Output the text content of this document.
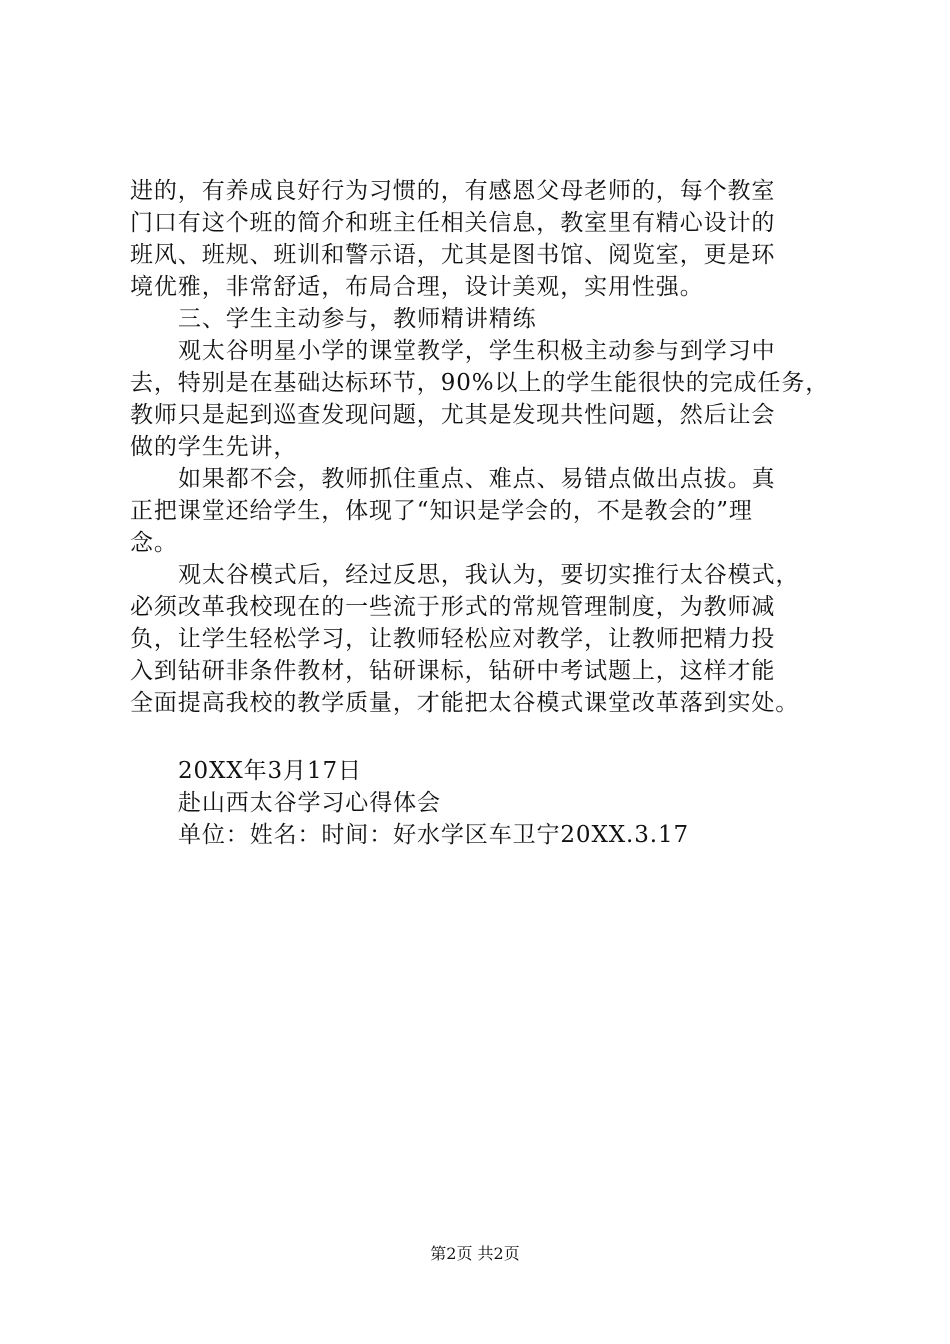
进的，有养成良好行为习惯的，有感恩父母老师的，每个教室
门口有这个班的简介和班主任相关信息，教室里有精心设计的
班风、班规、班训和警示语，尤其是图书馆、阅览室，更是环
境优雅，非常舒适，布局合理，设计美观，实用性强。
三、学生主动参与，教师精讲精练
观太谷明星小学的课堂教学，学生积极主动参与到学习中
去，特别是在基础达标环节，90%以上的学生能很快的完成任务，
教师只是起到巡查发现问题，尤其是发现共性问题，然后让会
做的学生先讲，
如果都不会，教师抓住重点、难点、易错点做出点拔。真
正把课堂还给学生，体现了“知识是学会的，不是教会的”理
念。
观太谷模式后，经过反思，我认为，要切实推行太谷模式，
必须改革我校现在的一些流于形式的常规管理制度，为教师减
负，让学生轻松学习，让教师轻松应对教学，让教师把精力投
入到钻研非条件教材，钻研课标，钻研中考试题上，这样才能
全面提高我校的教学质量，才能把太谷模式课堂改革落到实处。
20XX年3月17日
赴山西太谷学习心得体会
单位：姓名：时间：好水学区车卫宁20XX.3.17
第2页 共2页
